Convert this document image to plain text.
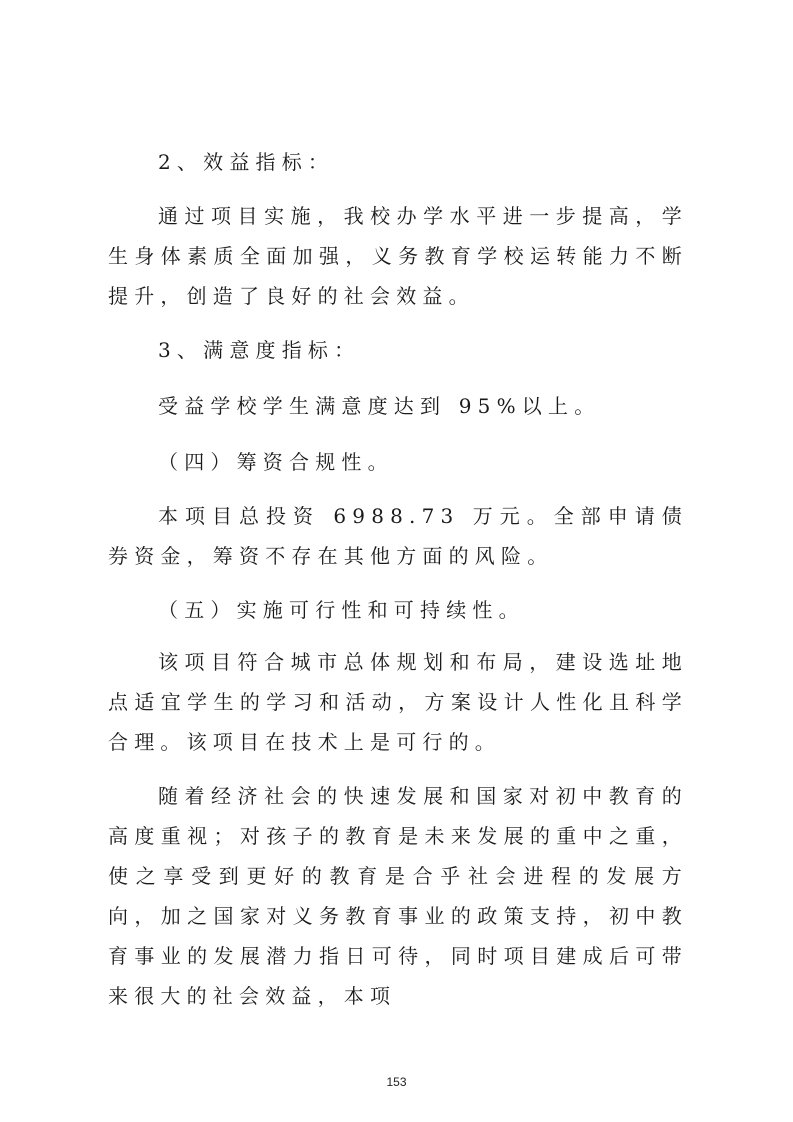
2、效益指标：

通过项目实施，我校办学水平进一步提高，学生身体素质全面加强，义务教育学校运转能力不断提升，创造了良好的社会效益。

3、满意度指标：

受益学校学生满意度达到 95%以上。

（四）筹资合规性。

本项目总投资 6988.73 万元。全部申请债券资金，筹资不存在其他方面的风险。

（五）实施可行性和可持续性。

该项目符合城市总体规划和布局，建设选址地点适宜学生的学习和活动，方案设计人性化且科学合理。该项目在技术上是可行的。

随着经济社会的快速发展和国家对初中教育的高度重视；对孩子的教育是未来发展的重中之重，使之享受到更好的教育是合乎社会进程的发展方向，加之国家对义务教育事业的政策支持，初中教育事业的发展潜力指日可待，同时项目建成后可带来很大的社会效益，本项

153
